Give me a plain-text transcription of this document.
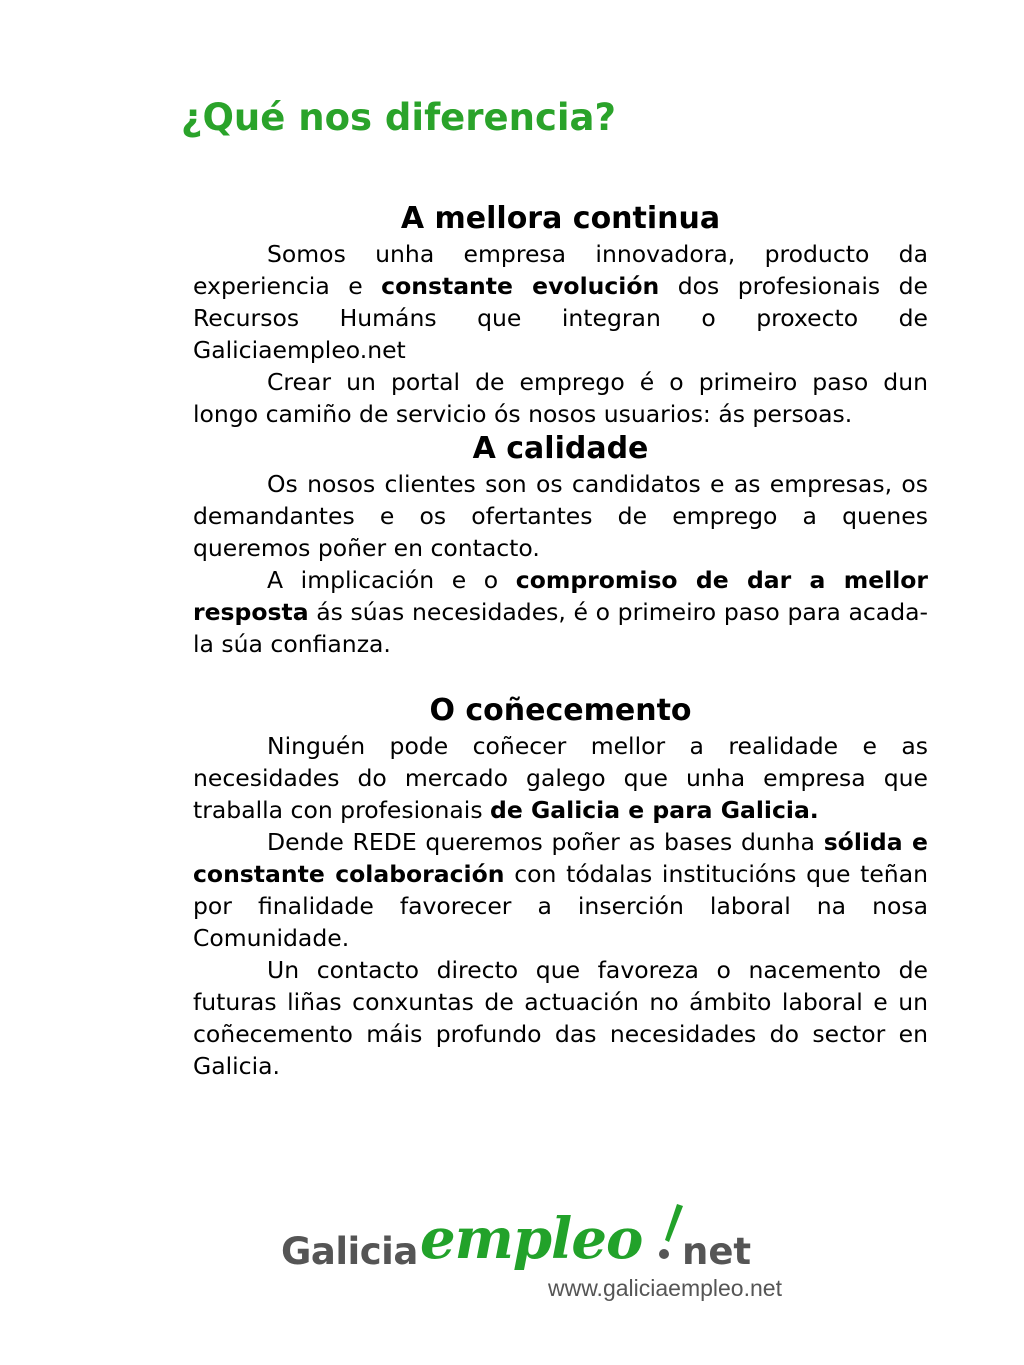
¿Qué nos diferencia?
A mellora continua

Somos unha empresa innovadora, producto da experiencia e constante evolución dos profesionais de Recursos Humáns que integran o proxecto de Galiciaempleo.net

Crear un portal de emprego é o primeiro paso dun longo camiño de servicio ós nosos usuarios: ás persoas.

A calidade

Os nosos clientes son os candidatos e as empresas, os demandantes e os ofertantes de emprego a quenes queremos poñer en contacto.

A implicación e o compromiso de dar a mellor resposta ás súas necesidades, é o primeiro paso para acada-la súa confianza.

O coñecemento

Ninguén pode coñecer mellor a realidade e as necesidades do mercado galego que unha empresa que traballa con profesionais de Galicia e para Galicia.

Dende REDE queremos poñer as bases dunha sólida e constante colaboración con tódalas institucións que teñan por finalidade favorecer a inserción laboral na nosa Comunidade.

Un contacto directo que favoreza o nacemento de futuras liñas conxuntas de actuación no ámbito laboral e un coñecemento máis profundo das necesidades do sector en Galicia.

Galicia empleo net
www.galiciaempleo.net
